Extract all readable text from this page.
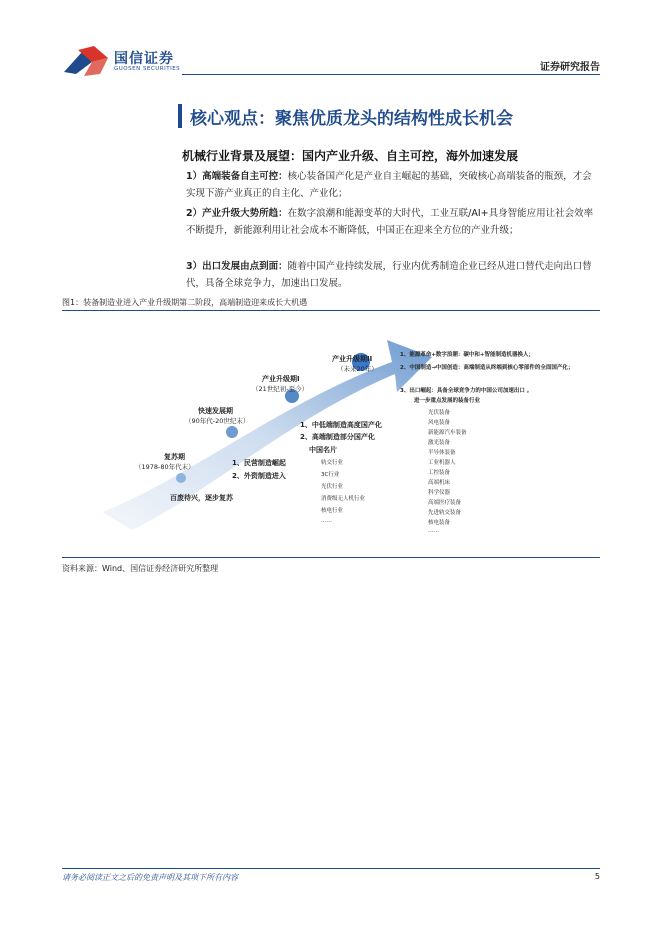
国信证券
GUOSEN SECURITIES	证券研究报告
核心观点：聚焦优质龙头的结构性成长机会
机械行业背景及展望：国内产业升级、自主可控，海外加速发展
1）高端装备自主可控：核心装备国产化是产业自主崛起的基础，突破核心高端装备的瓶颈，才会实现下游产业真正的自主化、产业化；
2）产业升级大势所趋：在数字浪潮和能源变革的大时代，工业互联/AI+具身智能应用让社会效率不断提升，新能源利用让社会成本不断降低，中国正在迎来全方位的产业升级；
3）出口发展由点到面：随着中国产业持续发展，行业内优秀制造企业已经从进口替代走向出口替代，具备全球竞争力，加速出口发展。
图1：装备制造业进入产业升级期第二阶段，高端制造迎来成长大机遇
复苏期
（1978-80年代末）
百废待兴，逐步复苏
快速发展期
（90年代-20世纪末）
1、民营制造崛起
2、外资制造进入
产业升级期I
（21世纪初-至今）
1、中低端制造高度国产化
2、高端制造部分国产化
中国名片
轨交行业
3C行业
光伏行业
消费级无人机行业
核电行业
……
产业升级期II
（未来20年）
1、能源革命+数字浪潮：碳中和+智能制造机器换人；
2、中国制造→中国创造：高端制造从终端到核心零部件的全面国产化；
3、出口崛起：具备全球竞争力的中国公司加速出口 。
进一步重点发展的装备行业
光伏装备
风电装备
新能源汽车装备
激光装备
半导体装备
工业机器人
工控装备
高端机床
科学仪器
高端医疗装备
先进轨交装备
核电装备
……
资料来源：Wind、国信证券经济研究所整理
请务必阅读正文之后的免责声明及其项下所有内容	5
